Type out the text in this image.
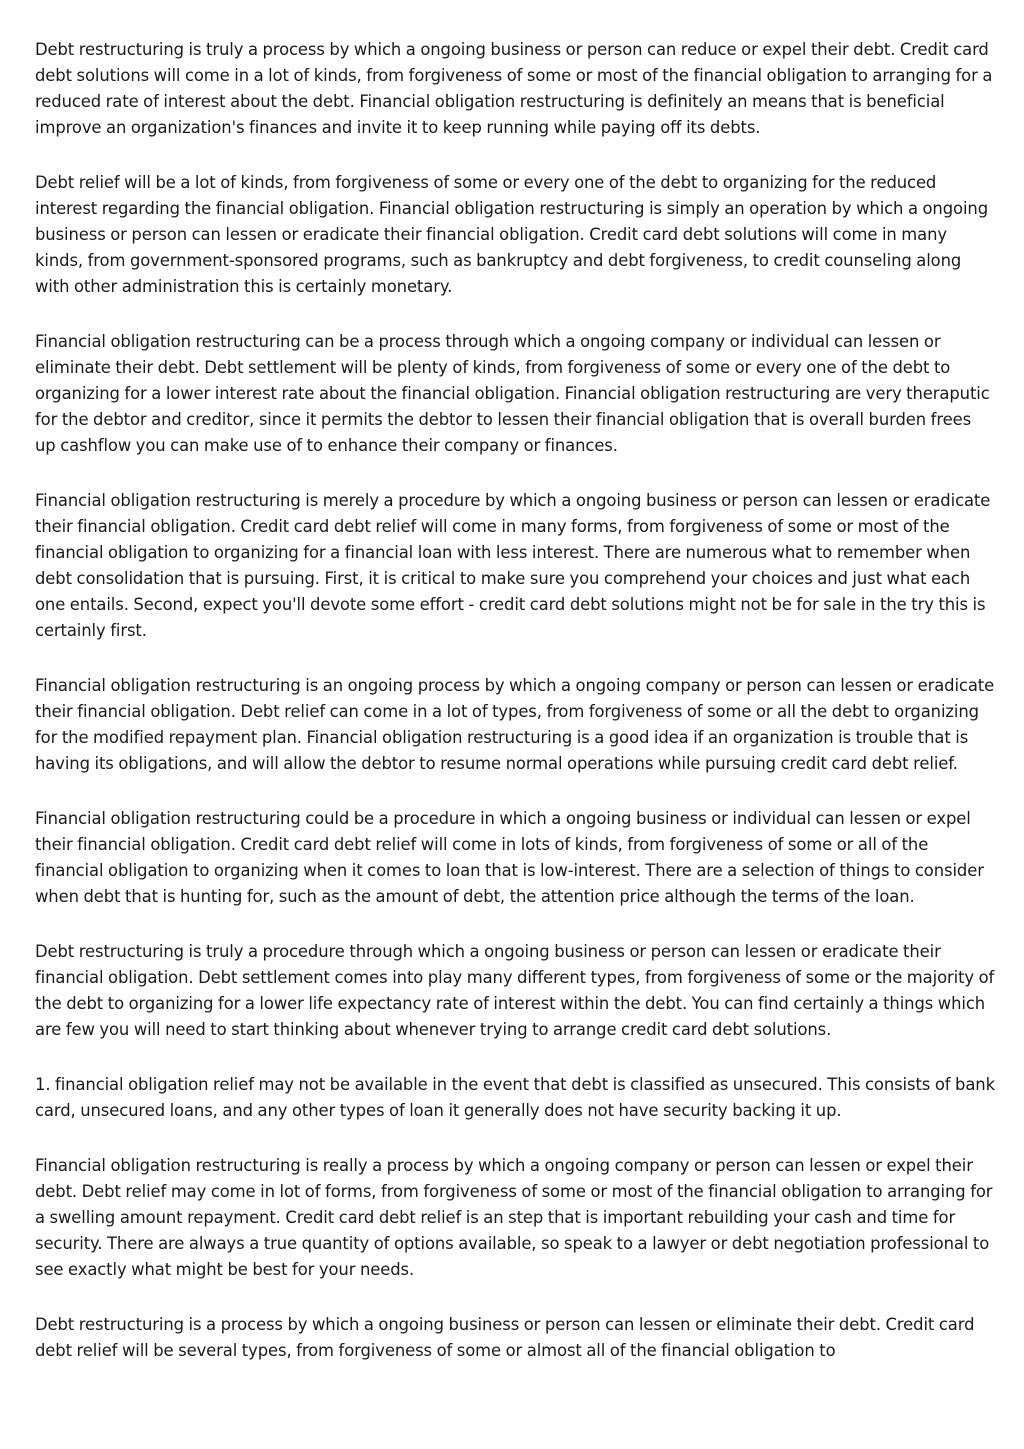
Debt restructuring is truly a process by which a ongoing business or person can reduce or expel their debt. Credit card debt solutions will come in a lot of kinds, from forgiveness of some or most of the financial obligation to arranging for a reduced rate of interest about the debt. Financial obligation restructuring is definitely an means that is beneficial improve an organization's finances and invite it to keep running while paying off its debts.

Debt relief will be a lot of kinds, from forgiveness of some or every one of the debt to organizing for the reduced interest regarding the financial obligation. Financial obligation restructuring is simply an operation by which a ongoing business or person can lessen or eradicate their financial obligation. Credit card debt solutions will come in many kinds, from government-sponsored programs, such as bankruptcy and debt forgiveness, to credit counseling along with other administration this is certainly monetary.

Financial obligation restructuring can be a process through which a ongoing company or individual can lessen or eliminate their debt. Debt settlement will be plenty of kinds, from forgiveness of some or every one of the debt to organizing for a lower interest rate about the financial obligation. Financial obligation restructuring are very theraputic for the debtor and creditor, since it permits the debtor to lessen their financial obligation that is overall burden frees up cashflow you can make use of to enhance their company or finances.

Financial obligation restructuring is merely a procedure by which a ongoing business or person can lessen or eradicate their financial obligation. Credit card debt relief will come in many forms, from forgiveness of some or most of the financial obligation to organizing for a financial loan with less interest. There are numerous what to remember when debt consolidation that is pursuing. First, it is critical to make sure you comprehend your choices and just what each one entails. Second, expect you'll devote some effort - credit card debt solutions might not be for sale in the try this is certainly first.

Financial obligation restructuring is an ongoing process by which a ongoing company or person can lessen or eradicate their financial obligation. Debt relief can come in a lot of types, from forgiveness of some or all the debt to organizing for the modified repayment plan. Financial obligation restructuring is a good idea if an organization is trouble that is having its obligations, and will allow the debtor to resume normal operations while pursuing credit card debt relief.

Financial obligation restructuring could be a procedure in which a ongoing business or individual can lessen or expel their financial obligation. Credit card debt relief will come in lots of kinds, from forgiveness of some or all of the financial obligation to organizing when it comes to loan that is low-interest. There are a selection of things to consider when debt that is hunting for, such as the amount of debt, the attention price although the terms of the loan.

Debt restructuring is truly a procedure through which a ongoing business or person can lessen or eradicate their financial obligation. Debt settlement comes into play many different types, from forgiveness of some or the majority of the debt to organizing for a lower life expectancy rate of interest within the debt. You can find certainly a things which are few you will need to start thinking about whenever trying to arrange credit card debt solutions.

1. financial obligation relief may not be available in the event that debt is classified as unsecured. This consists of bank card, unsecured loans, and any other types of loan it generally does not have security backing it up.

Financial obligation restructuring is really a process by which a ongoing company or person can lessen or expel their debt. Debt relief may come in lot of forms, from forgiveness of some or most of the financial obligation to arranging for a swelling amount repayment. Credit card debt relief is an step that is important rebuilding your cash and time for security. There are always a true quantity of options available, so speak to a lawyer or debt negotiation professional to see exactly what might be best for your needs.

Debt restructuring is a process by which a ongoing business or person can lessen or eliminate their debt. Credit card debt relief will be several types, from forgiveness of some or almost all of the financial obligation to
